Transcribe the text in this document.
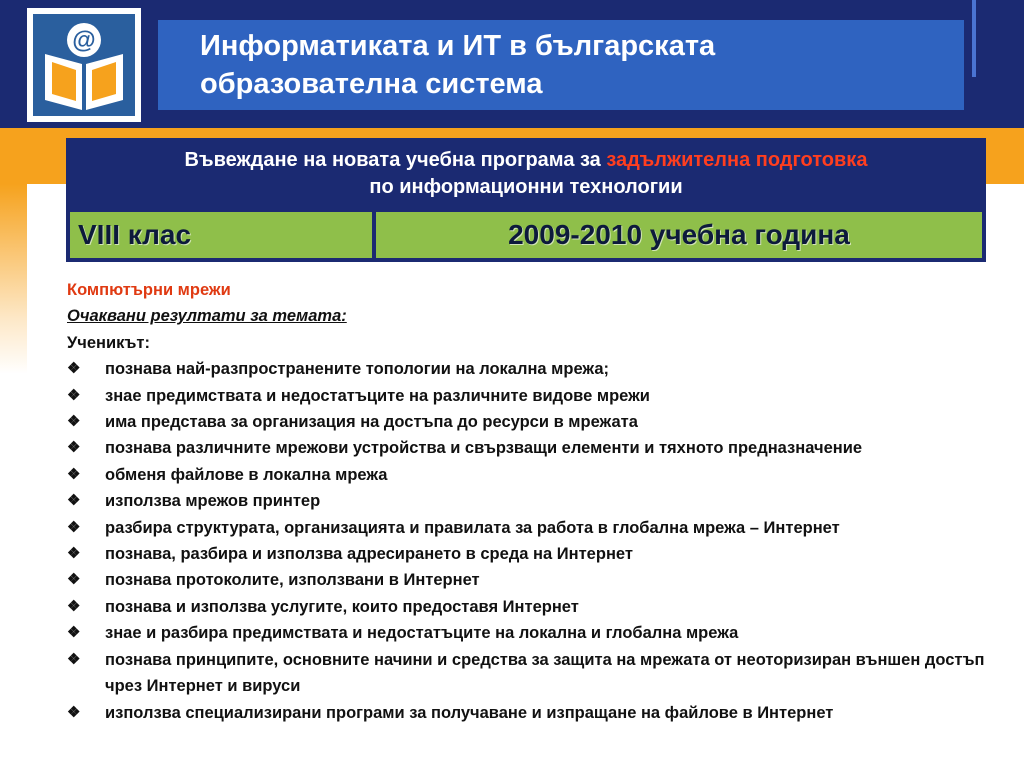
@	Информатиката и ИТ в българската
образователна система
Въвеждане на новата учебна програма за задължителна подготовка
по информационни технологии
VIII клас	2009-2010 учебна година
Компютърни мрежи
Очаквани резултати за темата:
Ученикът:
❖ познава най-разпространените топологии на локална мрежа;
❖ знае предимствата и недостатъците на различните видове мрежи
❖ има представа за организация на достъпа до ресурси в мрежата
❖ познава различните мрежови устройства и свързващи елементи и тяхното предназначение
❖ обменя файлове в локална мрежа
❖ използва мрежов принтер
❖ разбира структурата, организацията и правилата за работа в глобална мрежа – Интернет
❖ познава, разбира и използва адресирането в среда на Интернет
❖ познава протоколите, използвани в Интернет
❖ познава и използва услугите, които предоставя Интернет
❖ знае и разбира предимствата и недостатъците на локална и глобална мрежа
❖ познава принципите, основните начини и средства за защита на мрежата от неоторизиран външен достъп чрез Интернет и вируси
❖ използва специализирани програми за получаване и изпращане на файлове в Интернет
